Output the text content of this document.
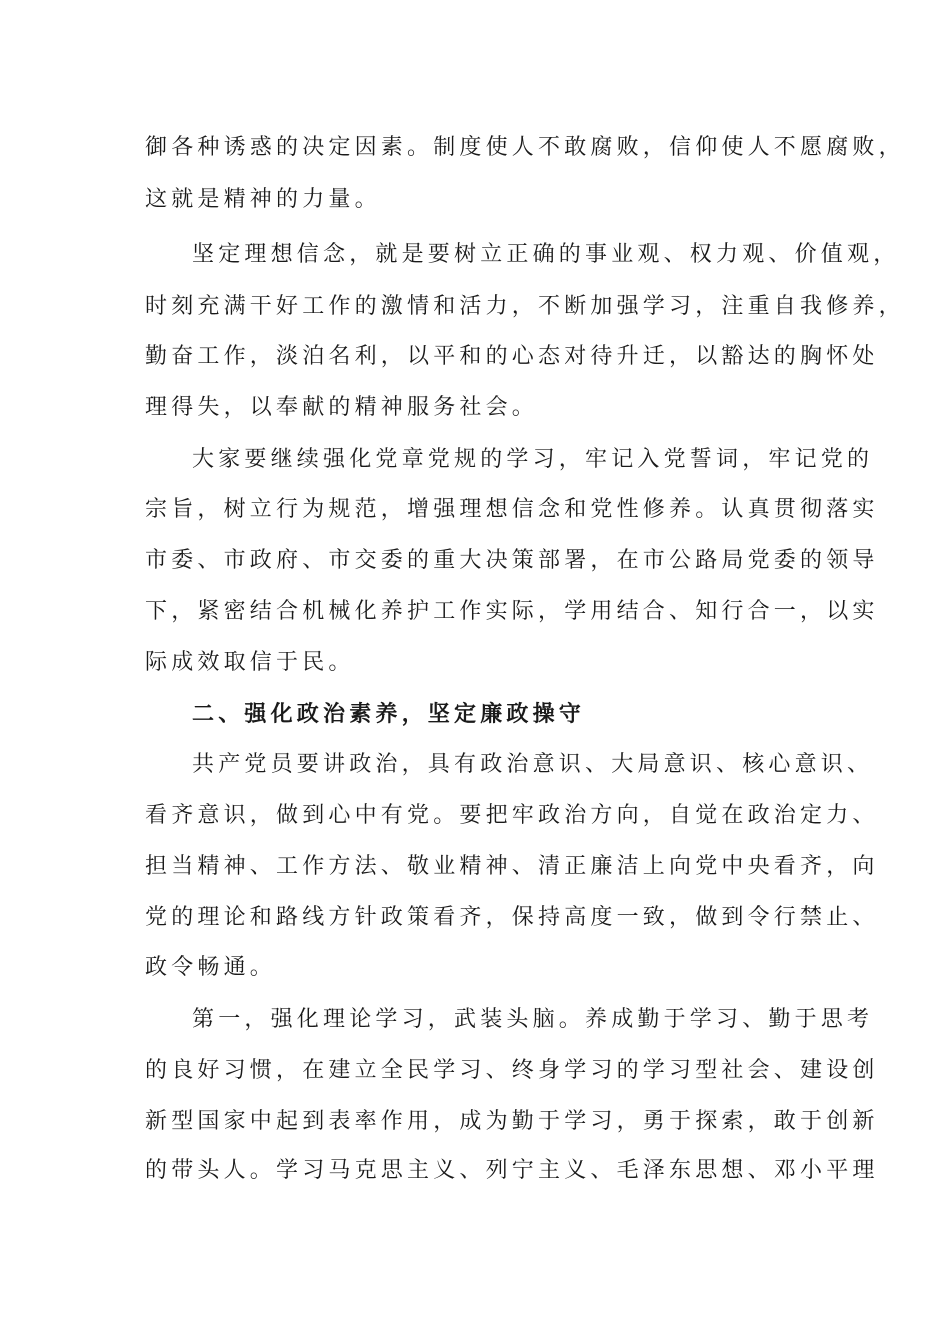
御各种诱惑的决定因素。制度使人不敢腐败，信仰使人不愿腐败，
这就是精神的力量。
坚定理想信念，就是要树立正确的事业观、权力观、价值观，
时刻充满干好工作的激情和活力，不断加强学习，注重自我修养，
勤奋工作，淡泊名利，以平和的心态对待升迁，以豁达的胸怀处
理得失，以奉献的精神服务社会。
大家要继续强化党章党规的学习，牢记入党誓词，牢记党的
宗旨，树立行为规范，增强理想信念和党性修养。认真贯彻落实
市委、市政府、市交委的重大决策部署，在市公路局党委的领导
下，紧密结合机械化养护工作实际，学用结合、知行合一，以实
际成效取信于民。
二、强化政治素养，坚定廉政操守
共产党员要讲政治，具有政治意识、大局意识、核心意识、
看齐意识，做到心中有党。要把牢政治方向，自觉在政治定力、
担当精神、工作方法、敬业精神、清正廉洁上向党中央看齐，向
党的理论和路线方针政策看齐，保持高度一致，做到令行禁止、
政令畅通。
第一，强化理论学习，武装头脑。养成勤于学习、勤于思考
的良好习惯，在建立全民学习、终身学习的学习型社会、建设创
新型国家中起到表率作用，成为勤于学习，勇于探索，敢于创新
的带头人。学习马克思主义、列宁主义、毛泽东思想、邓小平理
